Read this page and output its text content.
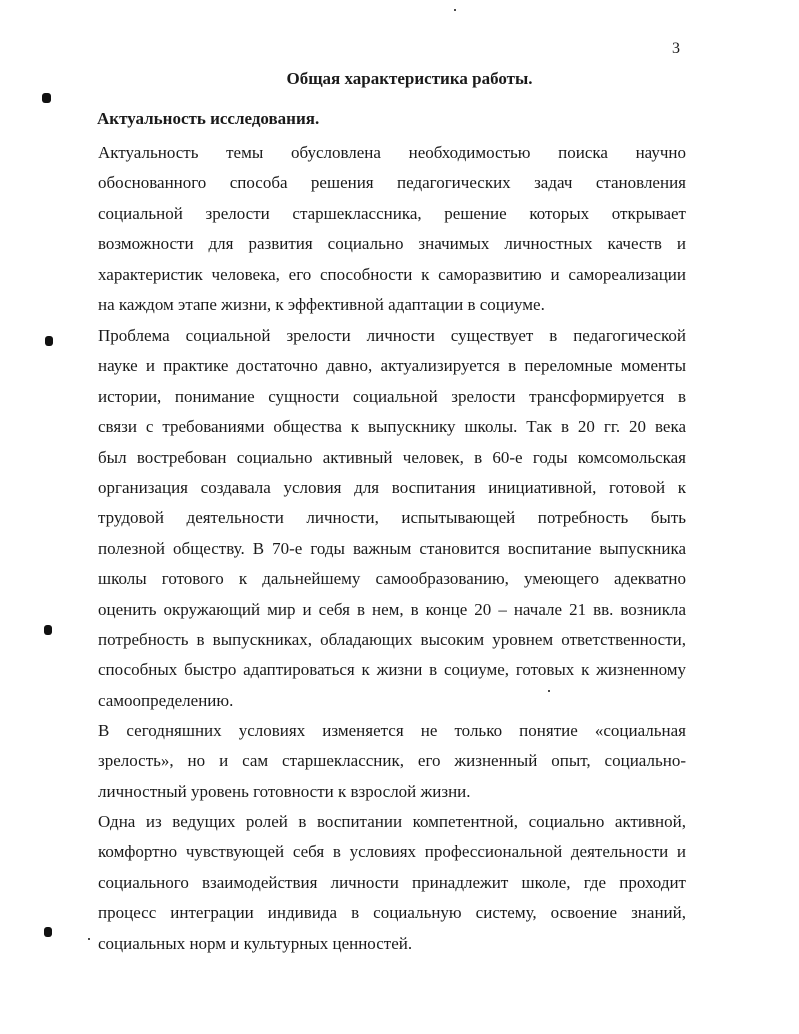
3
Общая характеристика работы.
Актуальность исследования.
Актуальность темы обусловлена необходимостью поиска научно
обоснованного способа решения педагогических задач становления
социальной зрелости старшеклассника, решение которых открывает
возможности для развития социально значимых личностных качеств и
характеристик человека, его способности к саморазвитию и самореализации
на каждом этапе жизни, к эффективной адаптации в социуме.
Проблема социальной зрелости личности существует в педагогической
науке и практике достаточно давно, актуализируется в переломные моменты
истории, понимание сущности социальной зрелости трансформируется в
связи с требованиями общества к выпускнику школы. Так в 20 гг. 20 века
был востребован социально активный человек, в 60-е годы комсомольская
организация создавала условия для воспитания инициативной, готовой к
трудовой деятельности личности, испытывающей потребность быть
полезной обществу. В 70-е годы важным становится воспитание выпускника
школы готового к дальнейшему самообразованию, умеющего адекватно
оценить окружающий мир и себя в нем, в конце 20 – начале 21 вв. возникла
потребность в выпускниках, обладающих высоким уровнем ответственности,
способных быстро адаптироваться к жизни в социуме, готовых к жизненному
самоопределению.
В сегодняшних условиях изменяется не только понятие «социальная
зрелость», но и сам старшеклассник, его жизненный опыт, социально-
личностный уровень готовности к взрослой жизни.
Одна из ведущих ролей в воспитании компетентной, социально активной,
комфортно чувствующей себя в условиях профессиональной деятельности и
социального взаимодействия личности принадлежит школе, где проходит
процесс интеграции индивида в социальную систему, освоение знаний,
социальных норм и культурных ценностей.
